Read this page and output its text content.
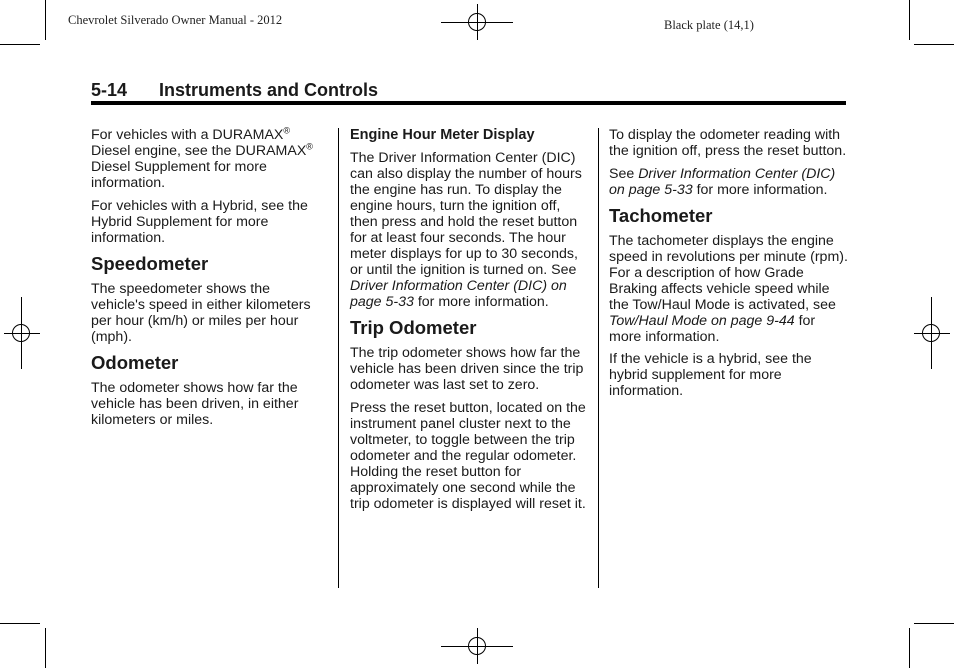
Chevrolet Silverado Owner Manual - 2012	Black plate (14,1)
5-14 Instruments and Controls

For vehicles with a DURAMAX® Diesel engine, see the DURAMAX® Diesel Supplement for more information.

For vehicles with a Hybrid, see the Hybrid Supplement for more information.

Speedometer

The speedometer shows the vehicle's speed in either kilometers per hour (km/h) or miles per hour (mph).

Odometer

The odometer shows how far the vehicle has been driven, in either kilometers or miles.

Engine Hour Meter Display

The Driver Information Center (DIC) can also display the number of hours the engine has run. To display the engine hours, turn the ignition off, then press and hold the reset button for at least four seconds. The hour meter displays for up to 30 seconds, or until the ignition is turned on. See Driver Information Center (DIC) on page 5-33 for more information.

Trip Odometer

The trip odometer shows how far the vehicle has been driven since the trip odometer was last set to zero.

Press the reset button, located on the instrument panel cluster next to the voltmeter, to toggle between the trip odometer and the regular odometer. Holding the reset button for approximately one second while the trip odometer is displayed will reset it.

To display the odometer reading with the ignition off, press the reset button.

See Driver Information Center (DIC) on page 5-33 for more information.

Tachometer

The tachometer displays the engine speed in revolutions per minute (rpm). For a description of how Grade Braking affects vehicle speed while the Tow/Haul Mode is activated, see Tow/Haul Mode on page 9-44 for more information.

If the vehicle is a hybrid, see the hybrid supplement for more information.
